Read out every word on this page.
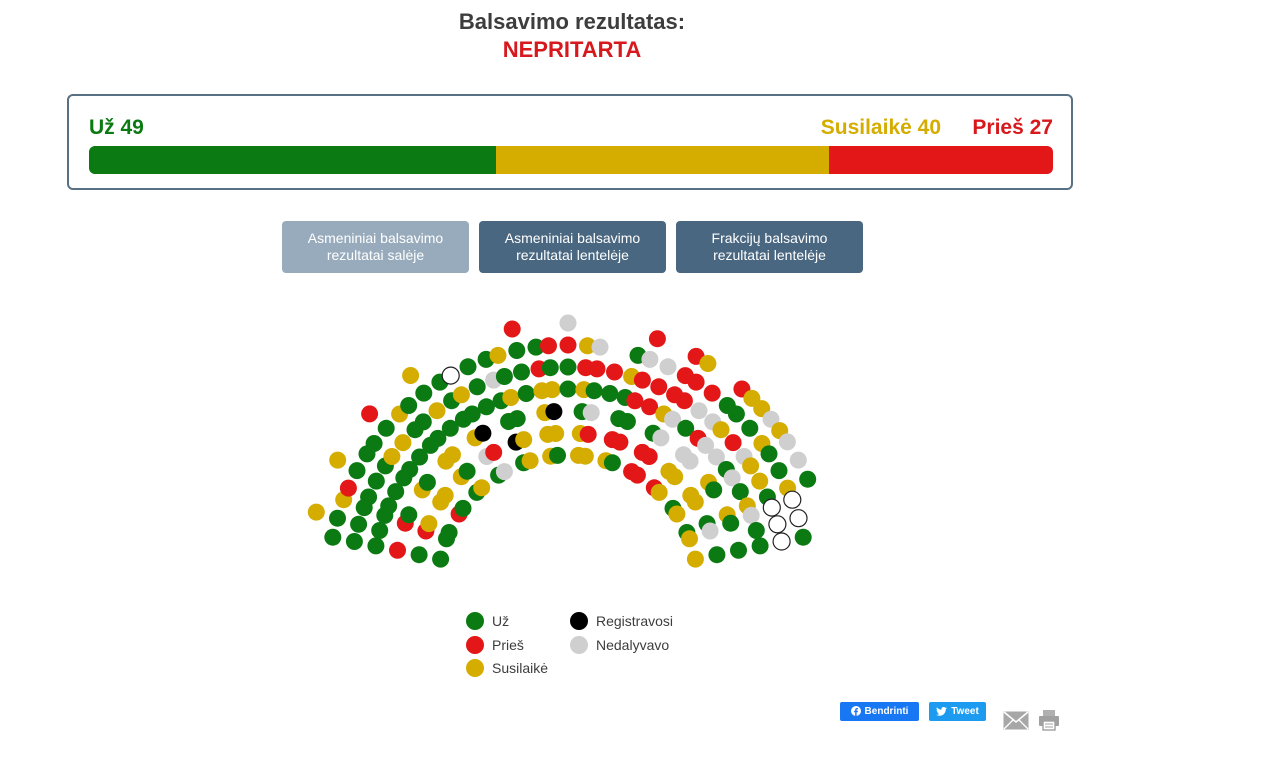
Balsavimo rezultatas:
NEPRITARTA
Už 49	Susilaikė 40 Prieš 27
Asmeniniai balsavimo rezultatai salėje
Asmeniniai balsavimo rezultatai lentelėje
Frakcijų balsavimo rezultatai lentelėje
Už
Prieš
Susilaikė
Registravosi
Nedalyvavo
Bendrinti	Tweet
